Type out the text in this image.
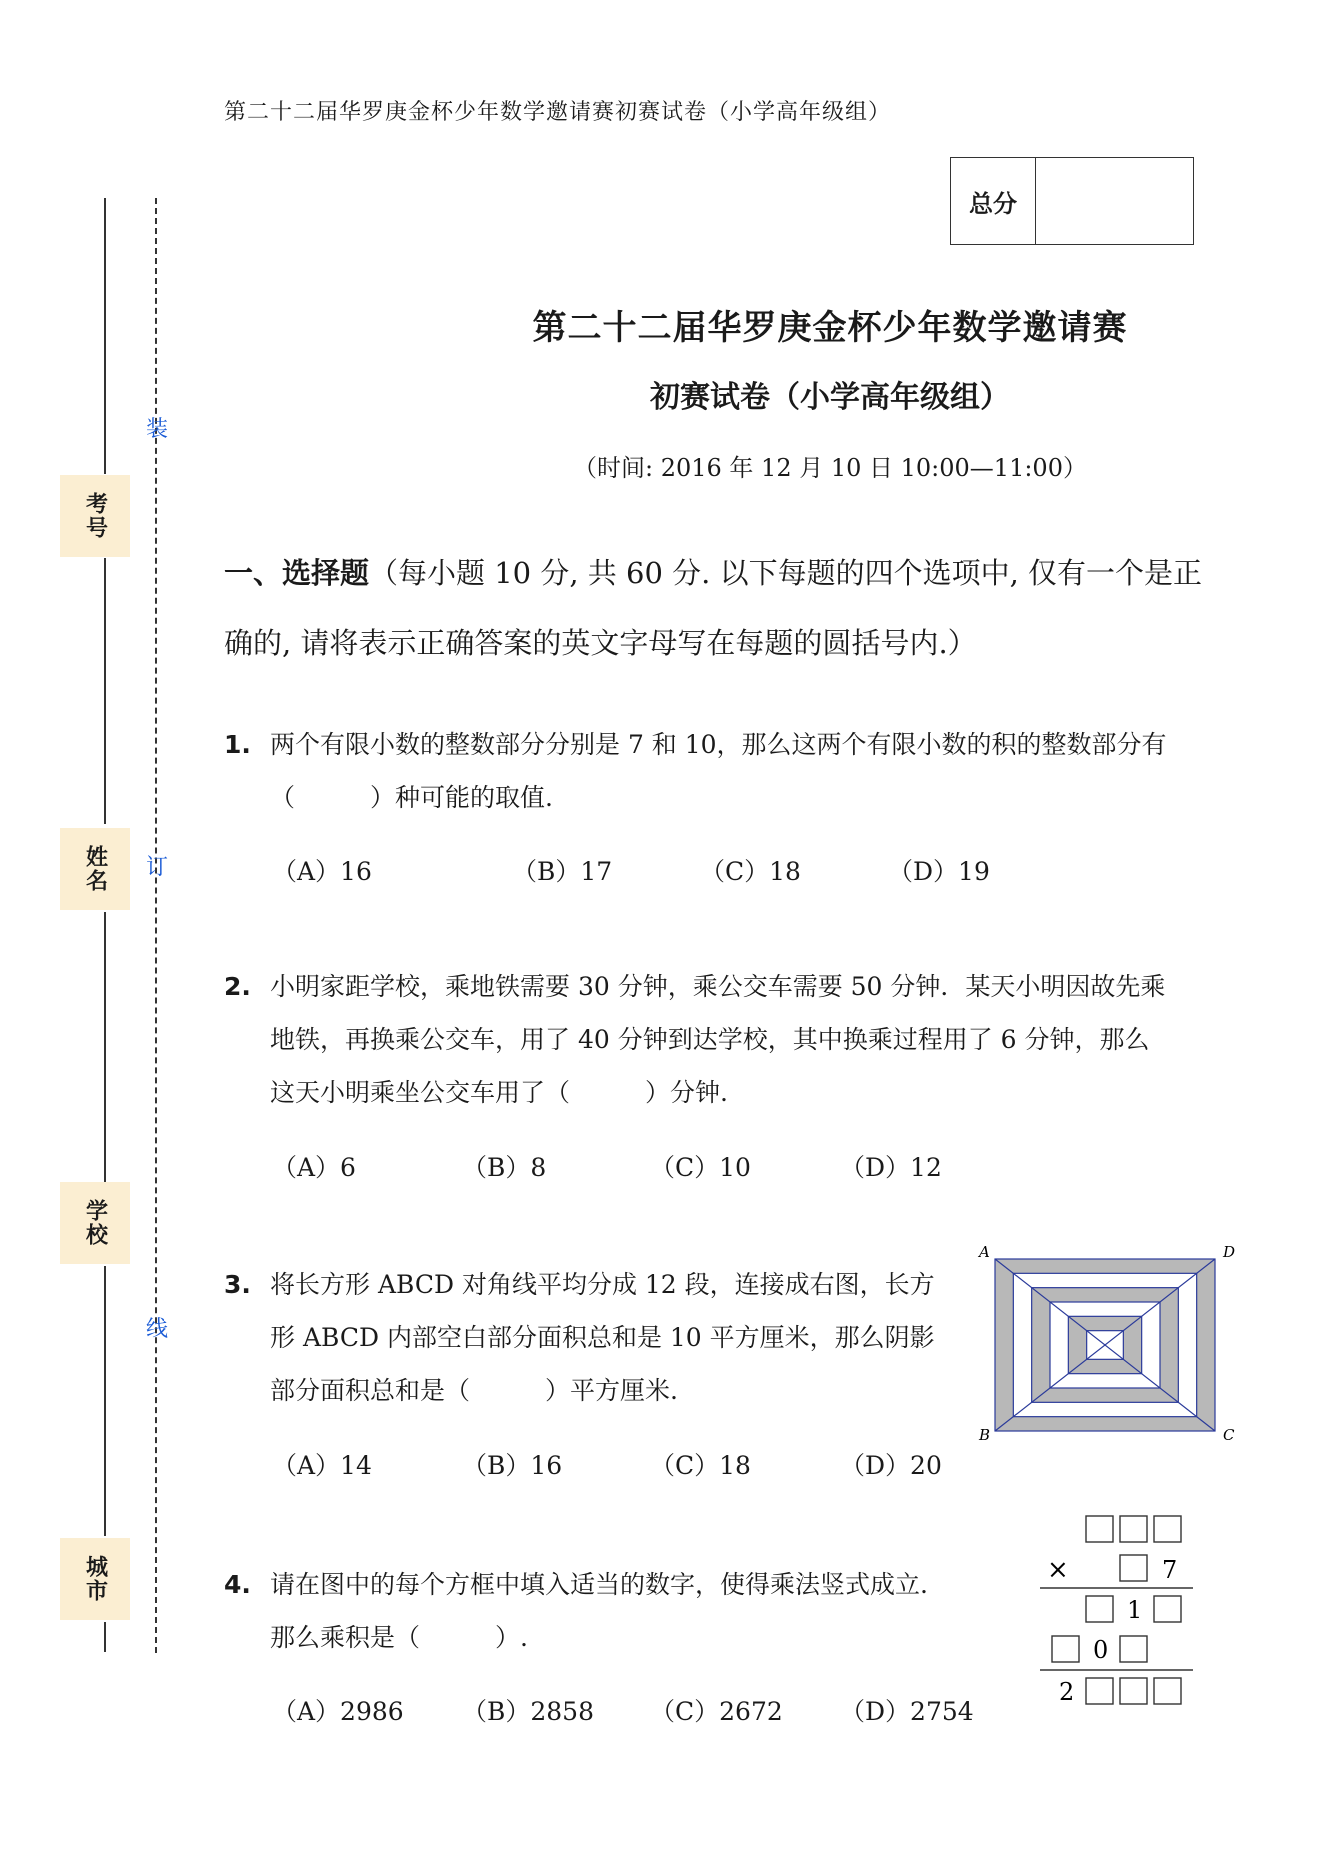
第二十二届华罗庚金杯少年数学邀请赛初赛试卷（小学高年级组）
总分
第二十二届华罗庚金杯少年数学邀请赛
初赛试卷（小学高年级组）
（时间: 2016 年 12 月 10 日 10:00—11:00）
考号
姓名
学校
城市
装
订
线
一、选择题（每小题 10 分, 共 60 分. 以下每题的四个选项中, 仅有一个是正确的, 请将表示正确答案的英文字母写在每题的圆括号内.）
1. 两个有限小数的整数部分分别是 7 和 10，那么这两个有限小数的积的整数部分有
（　　　）种可能的取值.
（A）16	（B）17	（C）18	（D）19
2. 小明家距学校，乘地铁需要 30 分钟，乘公交车需要 50 分钟．某天小明因故先乘
地铁，再换乘公交车，用了 40 分钟到达学校，其中换乘过程用了 6 分钟，那么
这天小明乘坐公交车用了（　　　）分钟.
（A）6	（B）8	（C）10	（D）12
3. 将长方形 ABCD 对角线平均分成 12 段，连接成右图，长方
形 ABCD 内部空白部分面积总和是 10 平方厘米，那么阴影
部分面积总和是（　　　）平方厘米.
（A）14	（B）16	（C）18	（D）20
A	D
B	C
4. 请在图中的每个方框中填入适当的数字，使得乘法竖式成立.
那么乘积是（　　　）.
（A）2986 （B）2858 （C）2672 （D）2754
×	7
1
0
2
